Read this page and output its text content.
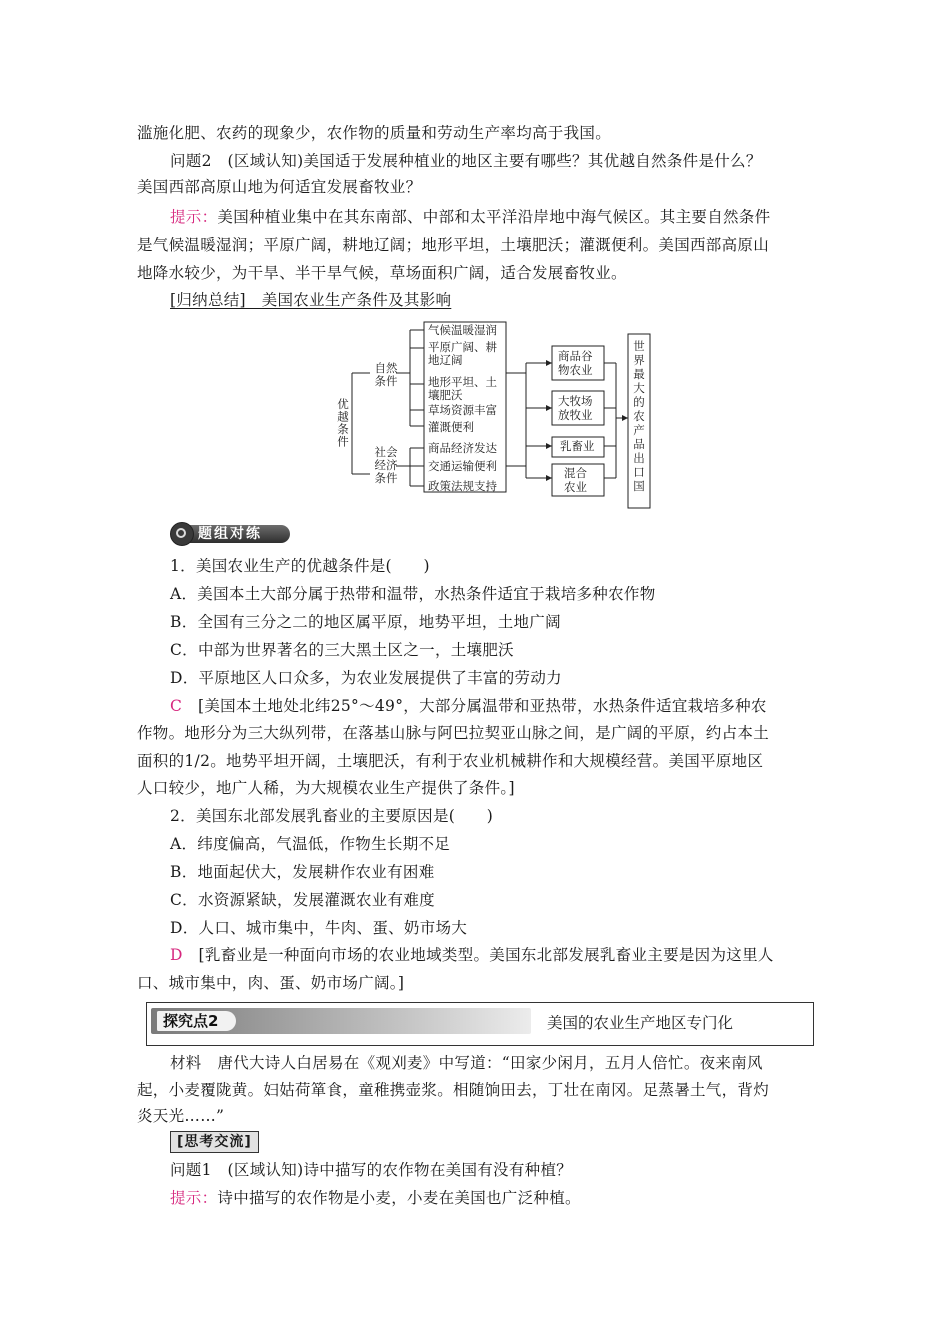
滥施化肥、农药的现象少，农作物的质量和劳动生产率均高于我国。
问题2　(区域认知)美国适于发展种植业的地区主要有哪些？其优越自然条件是什么？
美国西部高原山地为何适宜发展畜牧业？
提示：美国种植业集中在其东南部、中部和太平洋沿岸地中海气候区。其主要自然条件
是气候温暖湿润；平原广阔，耕地辽阔；地形平坦，土壤肥沃；灌溉便利。美国西部高原山
地降水较少，为干旱、半干旱气候，草场面积广阔，适合发展畜牧业。
[归纳总结]　美国农业生产条件及其影响
优越条件
自然条件
社会经济条件
气候温暖湿润
平原广阔、耕
地辽阔
地形平坦、土
壤肥沃
草场资源丰富
灌溉便利
商品经济发达
交通运输便利
政策法规支持
商品谷
物农业
大牧场
放牧业
乳畜业
混合
农业	世界最大的农产品出口国
题组对练
1．美国农业生产的优越条件是(　　)
A．美国本土大部分属于热带和温带，水热条件适宜于栽培多种农作物
B．全国有三分之二的地区属平原，地势平坦，土地广阔
C．中部为世界著名的三大黑土区之一，土壤肥沃
D．平原地区人口众多，为农业发展提供了丰富的劳动力
C　[美国本土地处北纬25°～49°，大部分属温带和亚热带，水热条件适宜栽培多种农
作物。地形分为三大纵列带，在落基山脉与阿巴拉契亚山脉之间，是广阔的平原，约占本土
面积的1/2。地势平坦开阔，土壤肥沃，有利于农业机械耕作和大规模经营。美国平原地区
人口较少，地广人稀，为大规模农业生产提供了条件。]
2．美国东北部发展乳畜业的主要原因是(　　)
A．纬度偏高，气温低，作物生长期不足
B．地面起伏大，发展耕作农业有困难
C．水资源紧缺，发展灌溉农业有难度
D．人口、城市集中，牛肉、蛋、奶市场大
D　[乳畜业是一种面向市场的农业地域类型。美国东北部发展乳畜业主要是因为这里人
口、城市集中，肉、蛋、奶市场广阔。]
探究点2	美国的农业生产地区专门化
材料　唐代大诗人白居易在《观刈麦》中写道：“田家少闲月，五月人倍忙。夜来南风
起，小麦覆陇黄。妇姑荷箪食，童稚携壶浆。相随饷田去，丁壮在南冈。足蒸暑土气，背灼
炎天光……”
[思考交流]
问题1　(区域认知)诗中描写的农作物在美国有没有种植？
提示：诗中描写的农作物是小麦，小麦在美国也广泛种植。
